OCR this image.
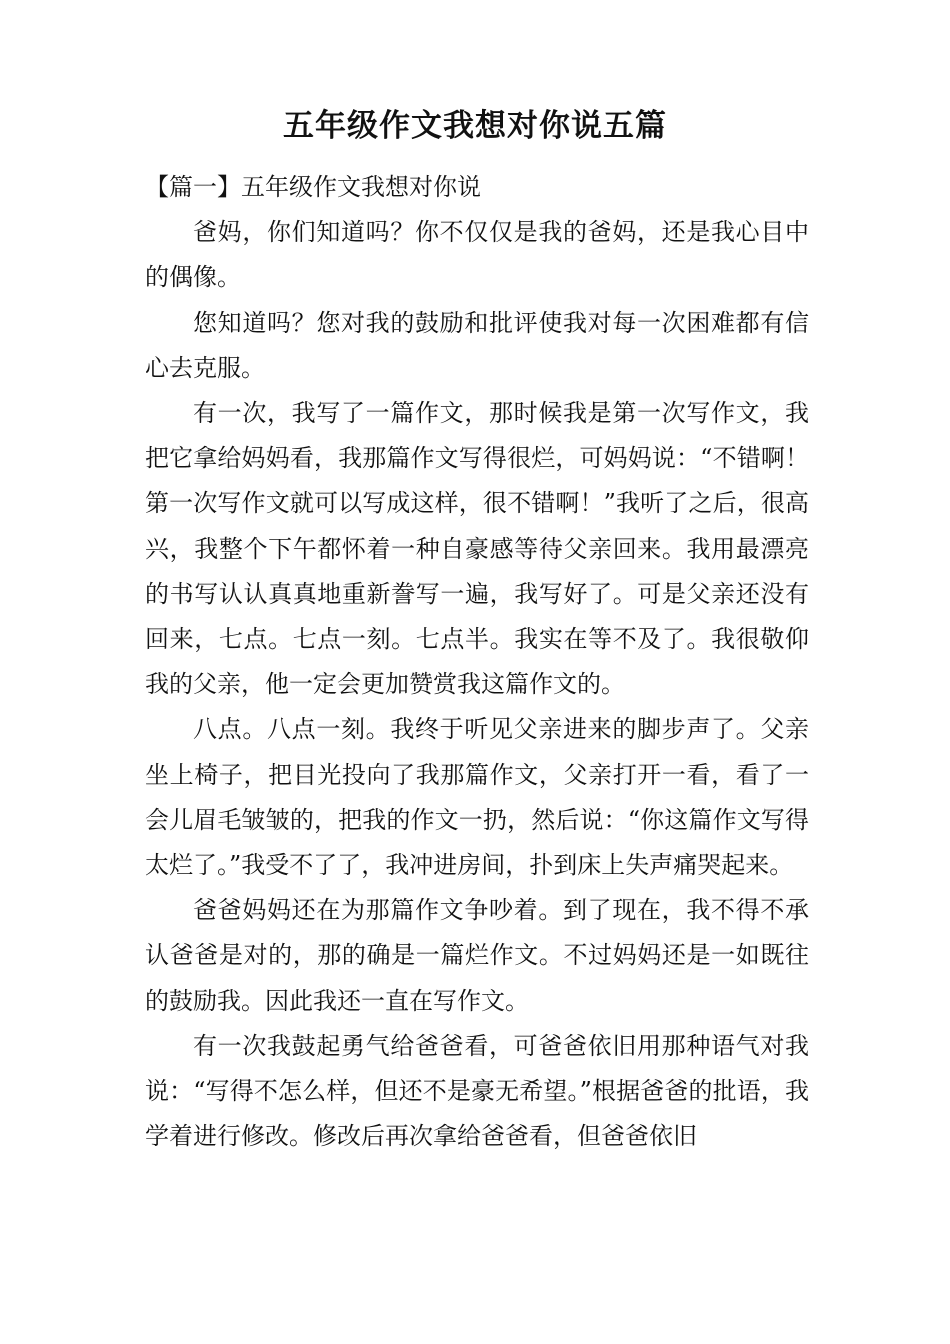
五年级作文我想对你说五篇

【篇一】五年级作文我想对你说

爸妈，你们知道吗？你不仅仅是我的爸妈，还是我心目中的偶像。

您知道吗？您对我的鼓励和批评使我对每一次困难都有信心去克服。

有一次，我写了一篇作文，那时候我是第一次写作文，我把它拿给妈妈看，我那篇作文写得很烂，可妈妈说：“不错啊！第一次写作文就可以写成这样，很不错啊！”我听了之后，很高兴，我整个下午都怀着一种自豪感等待父亲回来。我用最漂亮的书写认认真真地重新誊写一遍，我写好了。可是父亲还没有回来，七点。七点一刻。七点半。我实在等不及了。我很敬仰我的父亲，他一定会更加赞赏我这篇作文的。

八点。八点一刻。我终于听见父亲进来的脚步声了。父亲坐上椅子，把目光投向了我那篇作文，父亲打开一看，看了一会儿眉毛皱皱的，把我的作文一扔，然后说：“你这篇作文写得太烂了。”我受不了了，我冲进房间，扑到床上失声痛哭起来。

爸爸妈妈还在为那篇作文争吵着。到了现在，我不得不承认爸爸是对的，那的确是一篇烂作文。不过妈妈还是一如既往的鼓励我。因此我还一直在写作文。

有一次我鼓起勇气给爸爸看，可爸爸依旧用那种语气对我说：“写得不怎么样，但还不是豪无希望。”根据爸爸的批语，我学着进行修改。修改后再次拿给爸爸看，但爸爸依旧
